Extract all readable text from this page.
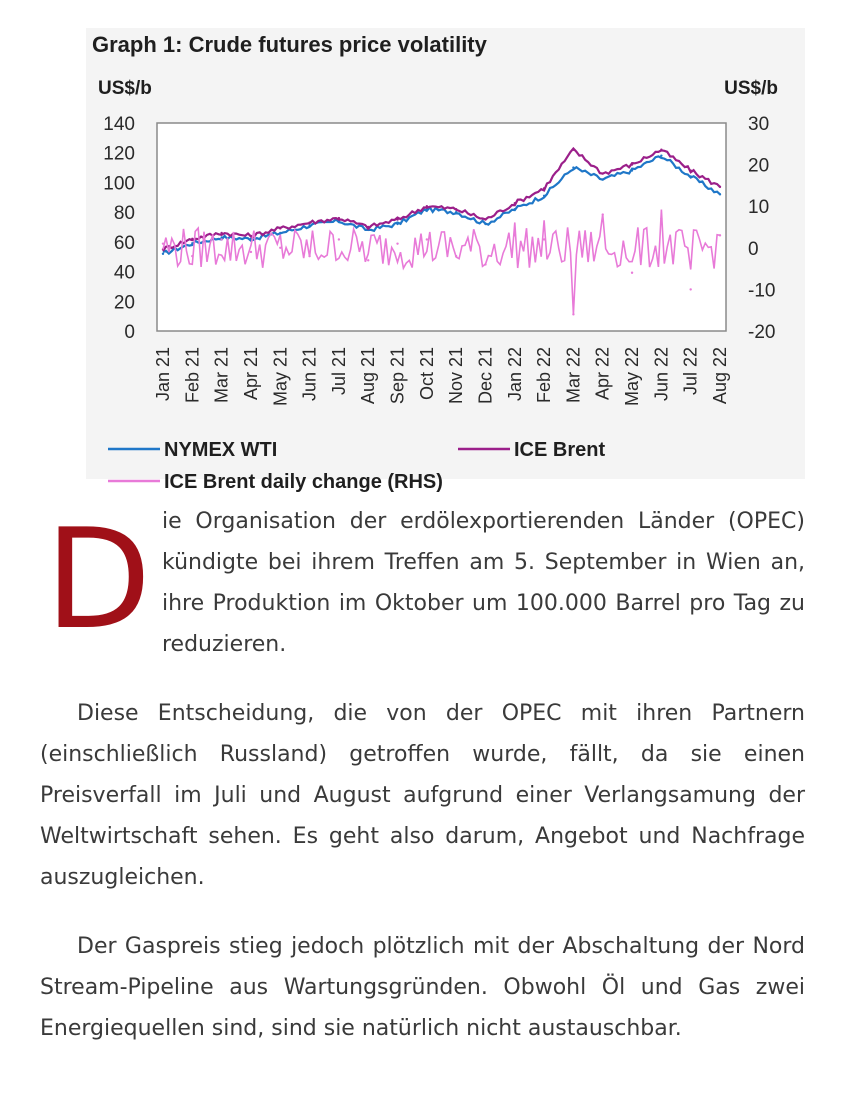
Graph 1: Crude futures price volatility
US$/b	US$/b
140
120
100
80
60
40
20
0
30
20
10
0
-10
-20
Jan 21 Feb 21 Mar 21 Apr 21 May 21 Jun 21 Jul 21 Aug 21 Sep 21 Oct 21 Nov 21 Dec 21 Jan 22 Feb 22 Mar 22 Apr 22 May 22 Jun 22 Jul 22 Aug 22
NYMEX WTI	ICE Brent
ICE Brent daily change (RHS)
D ie Organisation der erdölexportierenden Länder (OPEC) kündigte bei ihrem Treffen am 5. September in Wien an, ihre Produktion im Oktober um 100.000 Barrel pro Tag zu reduzieren.

Diese Entscheidung, die von der OPEC mit ihren Partnern (einschließlich Russland) getroffen wurde, fällt, da sie einen Preisverfall im Juli und August aufgrund einer Verlangsamung der Weltwirtschaft sehen. Es geht also darum, Angebot und Nachfrage auszugleichen.

Der Gaspreis stieg jedoch plötzlich mit der Abschaltung der Nord Stream-Pipeline aus Wartungsgründen. Obwohl Öl und Gas zwei Energiequellen sind, sind sie natürlich nicht austauschbar.
